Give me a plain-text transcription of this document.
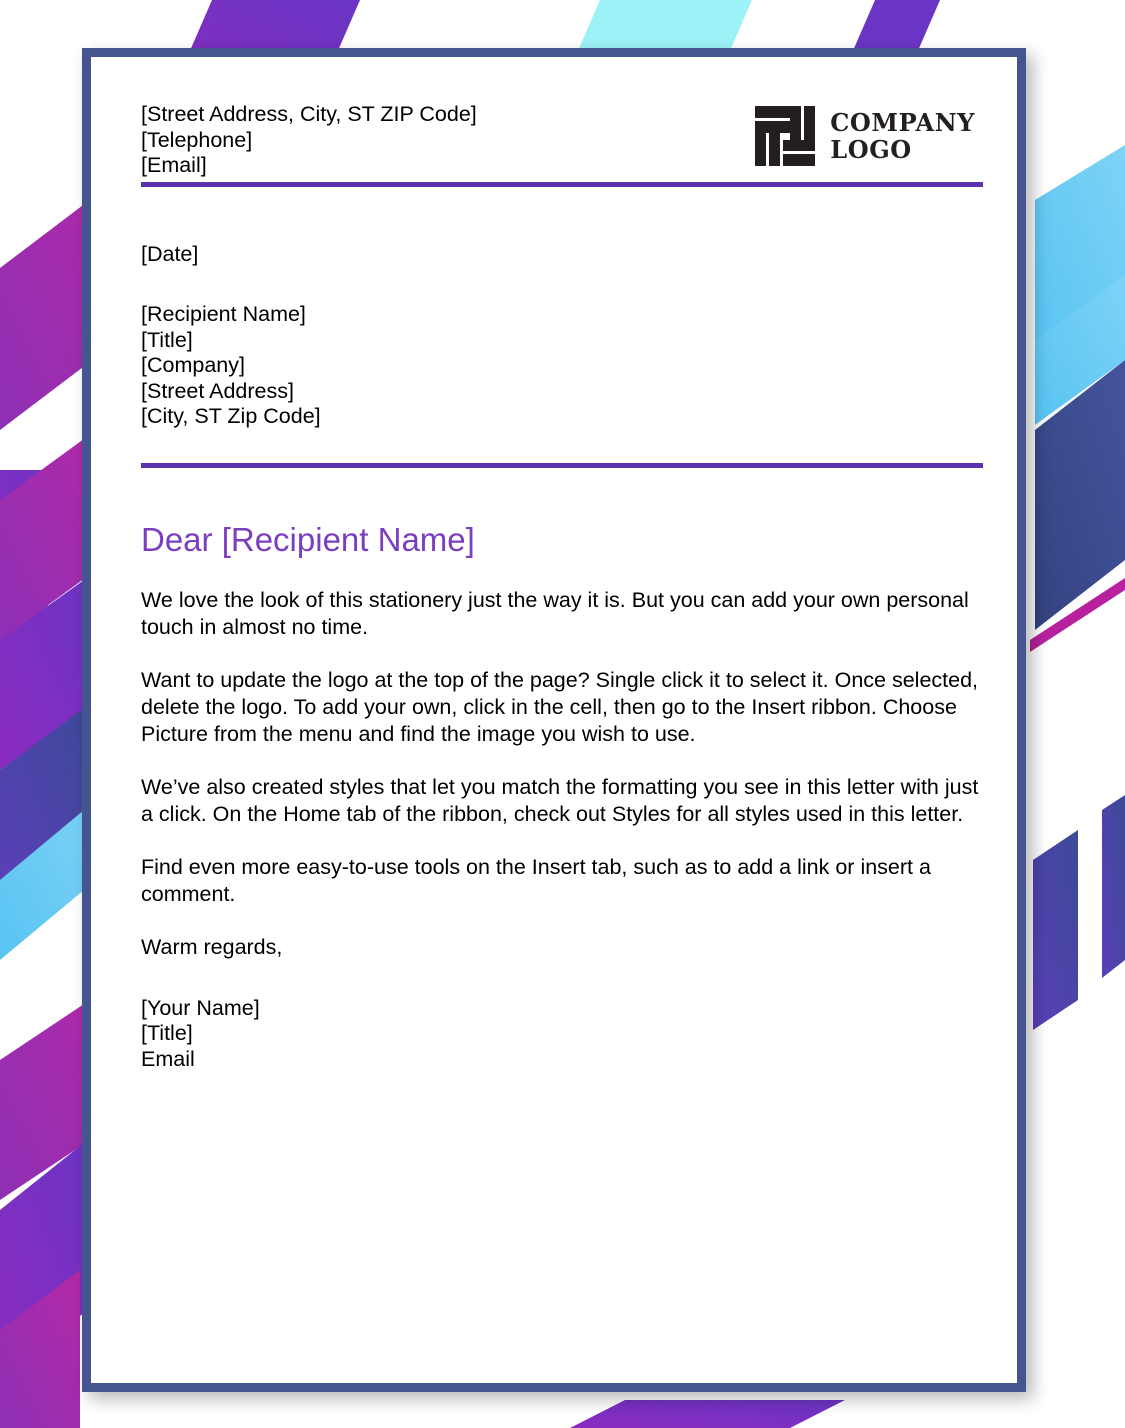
[Street Address, City, ST ZIP Code]
[Telephone]
[Email]
COMPANY
LOGO
[Date]
[Recipient Name]
[Title]
[Company]
[Street Address]
[City, ST Zip Code]
Dear [Recipient Name]

We love the look of this stationery just the way it is. But you can add your own personal touch in almost no time.

Want to update the logo at the top of the page? Single click it to select it. Once selected, delete the logo. To add your own, click in the cell, then go to the Insert ribbon. Choose Picture from the menu and find the image you wish to use.

We’ve also created styles that let you match the formatting you see in this letter with just a click. On the Home tab of the ribbon, check out Styles for all styles used in this letter.

Find even more easy-to-use tools on the Insert tab, such as to add a link or insert a comment.

Warm regards,

[Your Name]
[Title]
Email
